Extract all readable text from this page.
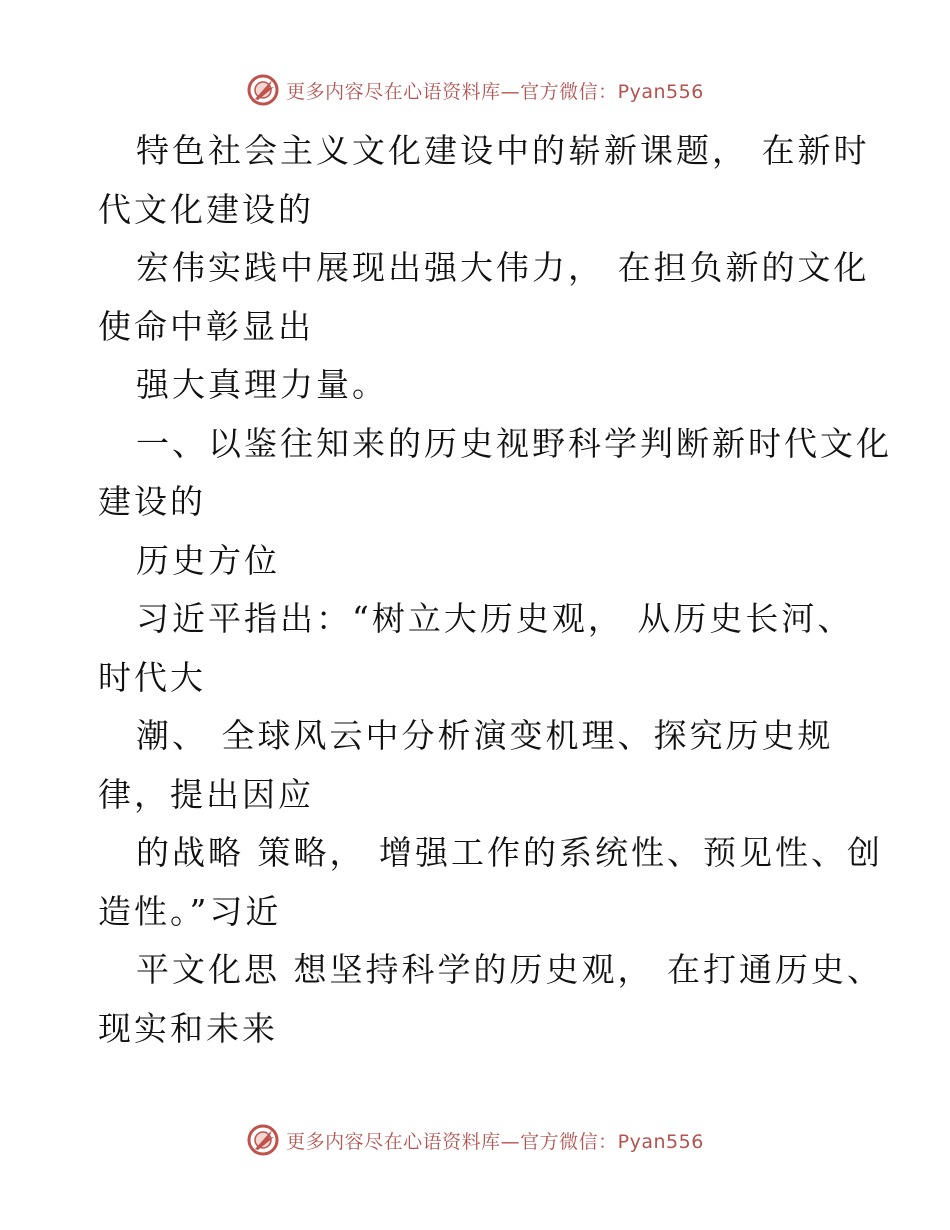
更多内容尽在心语资料库—官方微信：Pyan556
特色社会主义文化建设中的崭新课题， 在新时
代文化建设的
宏伟实践中展现出强大伟力， 在担负新的文化
使命中彰显出
强大真理力量。
一、以鉴往知来的历史视野科学判断新时代文化
建设的
历史方位
习近平指出：“树立大历史观， 从历史长河、
时代大
潮、 全球风云中分析演变机理、探究历史规
律，提出因应
的战略 策略， 增强工作的系统性、预见性、创
造性。”习近
平文化思 想坚持科学的历史观， 在打通历史、
现实和未来
更多内容尽在心语资料库—官方微信：Pyan556
